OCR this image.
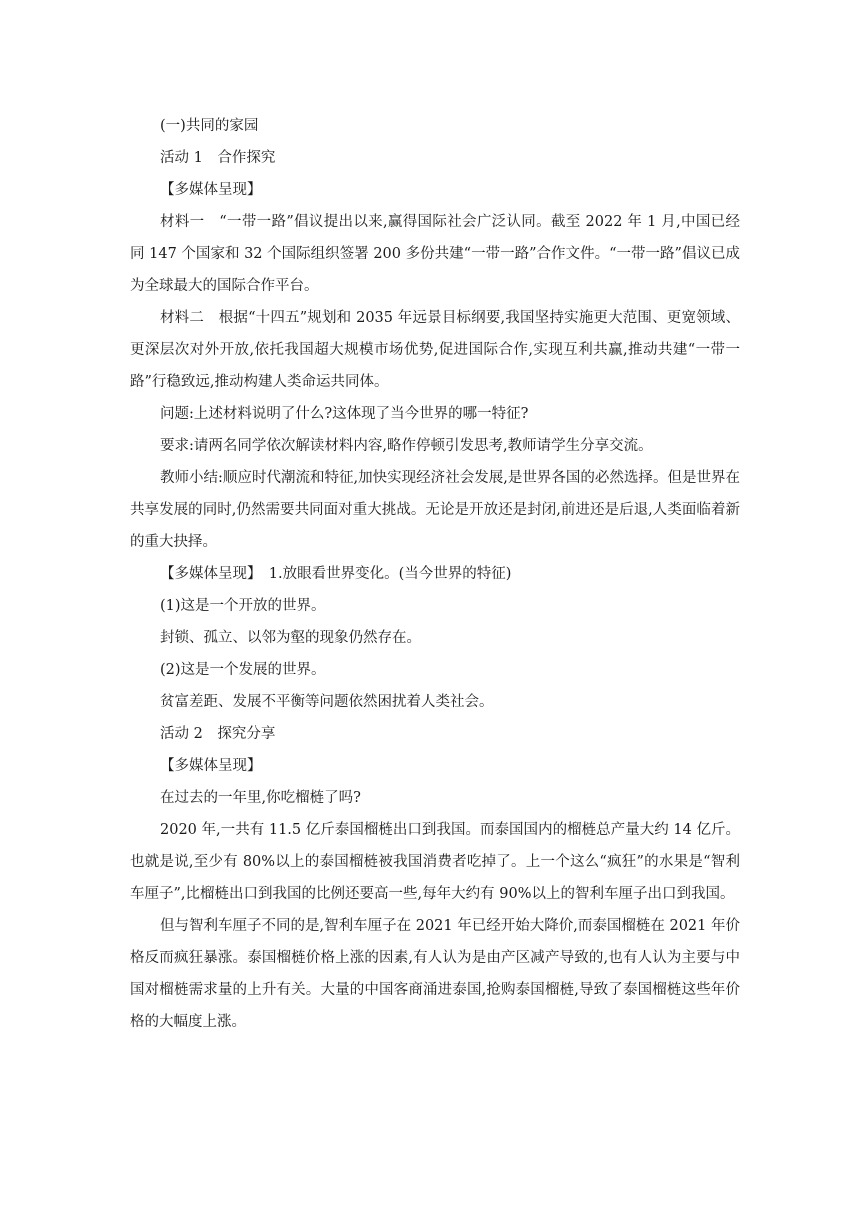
(一)共同的家园

活动 1　合作探究

【多媒体呈现】

材料一　“一带一路”倡议提出以来,赢得国际社会广泛认同。截至 2022 年 1 月,中国已经同 147 个国家和 32 个国际组织签署 200 多份共建“一带一路”合作文件。“一带一路”倡议已成为全球最大的国际合作平台。

材料二　根据“十四五”规划和 2035 年远景目标纲要,我国坚持实施更大范围、更宽领域、更深层次对外开放,依托我国超大规模市场优势,促进国际合作,实现互利共赢,推动共建“一带一路”行稳致远,推动构建人类命运共同体。

问题:上述材料说明了什么?这体现了当今世界的哪一特征?

要求:请两名同学依次解读材料内容,略作停顿引发思考,教师请学生分享交流。

教师小结:顺应时代潮流和特征,加快实现经济社会发展,是世界各国的必然选择。但是世界在共享发展的同时,仍然需要共同面对重大挑战。无论是开放还是封闭,前进还是后退,人类面临着新的重大抉择。

【多媒体呈现】　1.放眼看世界变化。(当今世界的特征)

(1)这是一个开放的世界。

封锁、孤立、以邻为壑的现象仍然存在。

(2)这是一个发展的世界。

贫富差距、发展不平衡等问题依然困扰着人类社会。

活动 2　探究分享

【多媒体呈现】

在过去的一年里,你吃榴梿了吗?

2020 年,一共有 11.5 亿斤泰国榴梿出口到我国。而泰国国内的榴梿总产量大约 14 亿斤。也就是说,至少有 80%以上的泰国榴梿被我国消费者吃掉了。上一个这么“疯狂”的水果是“智利车厘子”,比榴梿出口到我国的比例还要高一些,每年大约有 90%以上的智利车厘子出口到我国。

但与智利车厘子不同的是,智利车厘子在 2021 年已经开始大降价,而泰国榴梿在 2021 年价格反而疯狂暴涨。泰国榴梿价格上涨的因素,有人认为是由产区减产导致的,也有人认为主要与中国对榴梿需求量的上升有关。大量的中国客商涌进泰国,抢购泰国榴梿,导致了泰国榴梿这些年价格的大幅度上涨。
